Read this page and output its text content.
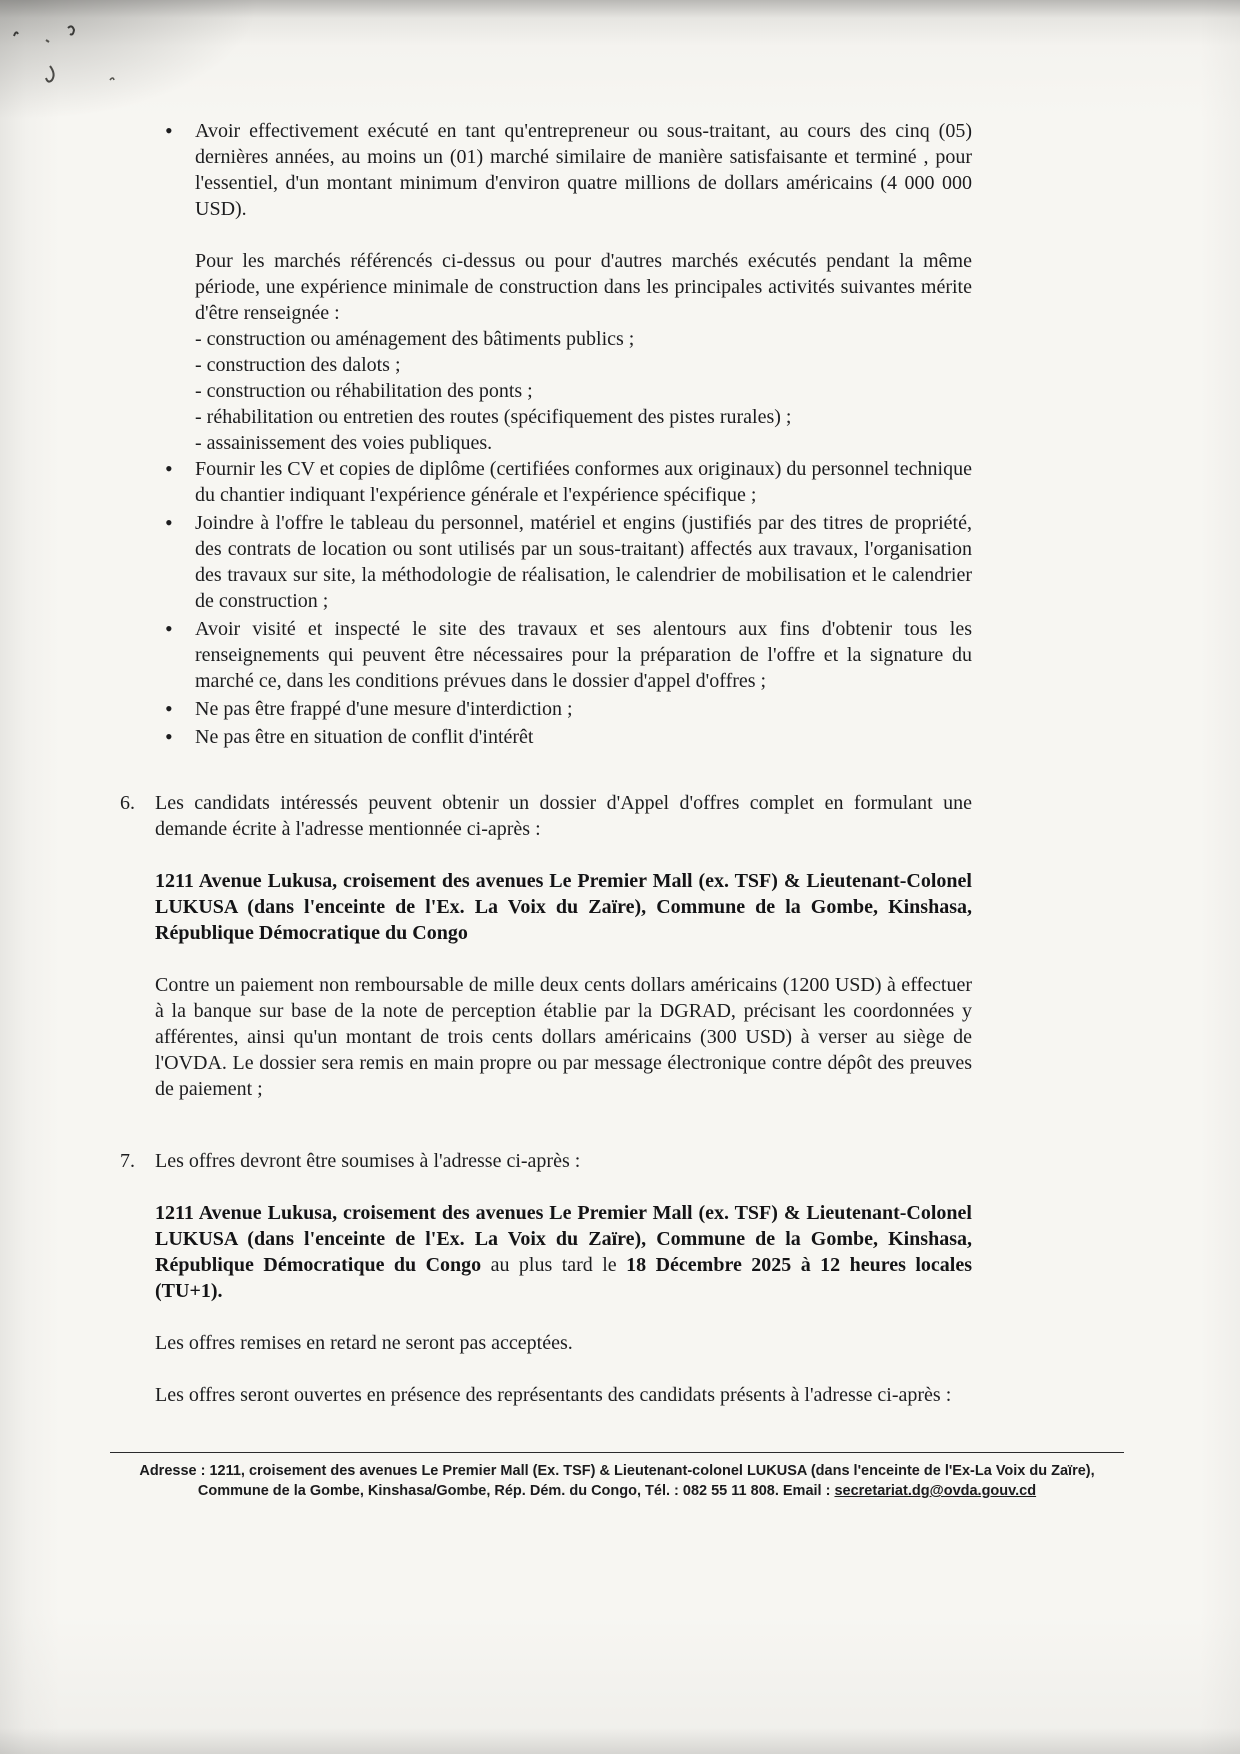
•
Avoir effectivement exécuté en tant qu'entrepreneur ou sous-traitant, au cours des cinq (05) dernières années, au moins un (01) marché similaire de manière satisfaisante et terminé , pour l'essentiel, d'un montant minimum d'environ quatre millions de dollars américains (4 000 000 USD).

Pour les marchés référencés ci-dessus ou pour d'autres marchés exécutés pendant la même période, une expérience minimale de construction dans les principales activités suivantes mérite d'être renseignée :

- construction ou aménagement des bâtiments publics ;
- construction des dalots ;
- construction ou réhabilitation des ponts ;
- réhabilitation ou entretien des routes (spécifiquement des pistes rurales) ;
- assainissement des voies publiques.
•
Fournir les CV et copies de diplôme (certifiées conformes aux originaux) du personnel technique du chantier indiquant l'expérience générale et l'expérience spécifique ;
•
Joindre à l'offre le tableau du personnel, matériel et engins (justifiés par des titres de propriété, des contrats de location ou sont utilisés par un sous-traitant) affectés aux travaux, l'organisation des travaux sur site, la méthodologie de réalisation, le calendrier de mobilisation et le calendrier de construction ;
•
Avoir visité et inspecté le site des travaux et ses alentours aux fins d'obtenir tous les renseignements qui peuvent être nécessaires pour la préparation de l'offre et la signature du marché ce, dans les conditions prévues dans le dossier d'appel d'offres ;
•
Ne pas être frappé d'une mesure d'interdiction ;
•
Ne pas être en situation de conflit d'intérêt
6.	Les candidats intéressés peuvent obtenir un dossier d'Appel d'offres complet en formulant une demande écrite à l'adresse mentionnée ci-après :

1211 Avenue Lukusa, croisement des avenues Le Premier Mall (ex. TSF) & Lieutenant-Colonel LUKUSA (dans l'enceinte de l'Ex. La Voix du Zaïre), Commune de la Gombe, Kinshasa, République Démocratique du Congo

Contre un paiement non remboursable de mille deux cents dollars américains (1200 USD) à effectuer à la banque sur base de la note de perception établie par la DGRAD, précisant les coordonnées y afférentes, ainsi qu'un montant de trois cents dollars américains (300 USD) à verser au siège de l'OVDA. Le dossier sera remis en main propre ou par message électronique contre dépôt des preuves de paiement ;

7.	Les offres devront être soumises à l'adresse ci-après :

1211 Avenue Lukusa, croisement des avenues Le Premier Mall (ex. TSF) & Lieutenant-Colonel LUKUSA (dans l'enceinte de l'Ex. La Voix du Zaïre), Commune de la Gombe, Kinshasa, République Démocratique du Congo au plus tard le 18 Décembre 2025 à 12 heures locales (TU+1).

Les offres remises en retard ne seront pas acceptées.

Les offres seront ouvertes en présence des représentants des candidats présents à l'adresse ci-après :

Adresse : 1211, croisement des avenues Le Premier Mall (Ex. TSF) & Lieutenant-colonel LUKUSA (dans l'enceinte de l'Ex-La Voix du Zaïre),
Commune de la Gombe, Kinshasa/Gombe, Rép. Dém. du Congo, Tél. : 082 55 11 808. Email : secretariat.dg@ovda.gouv.cd
